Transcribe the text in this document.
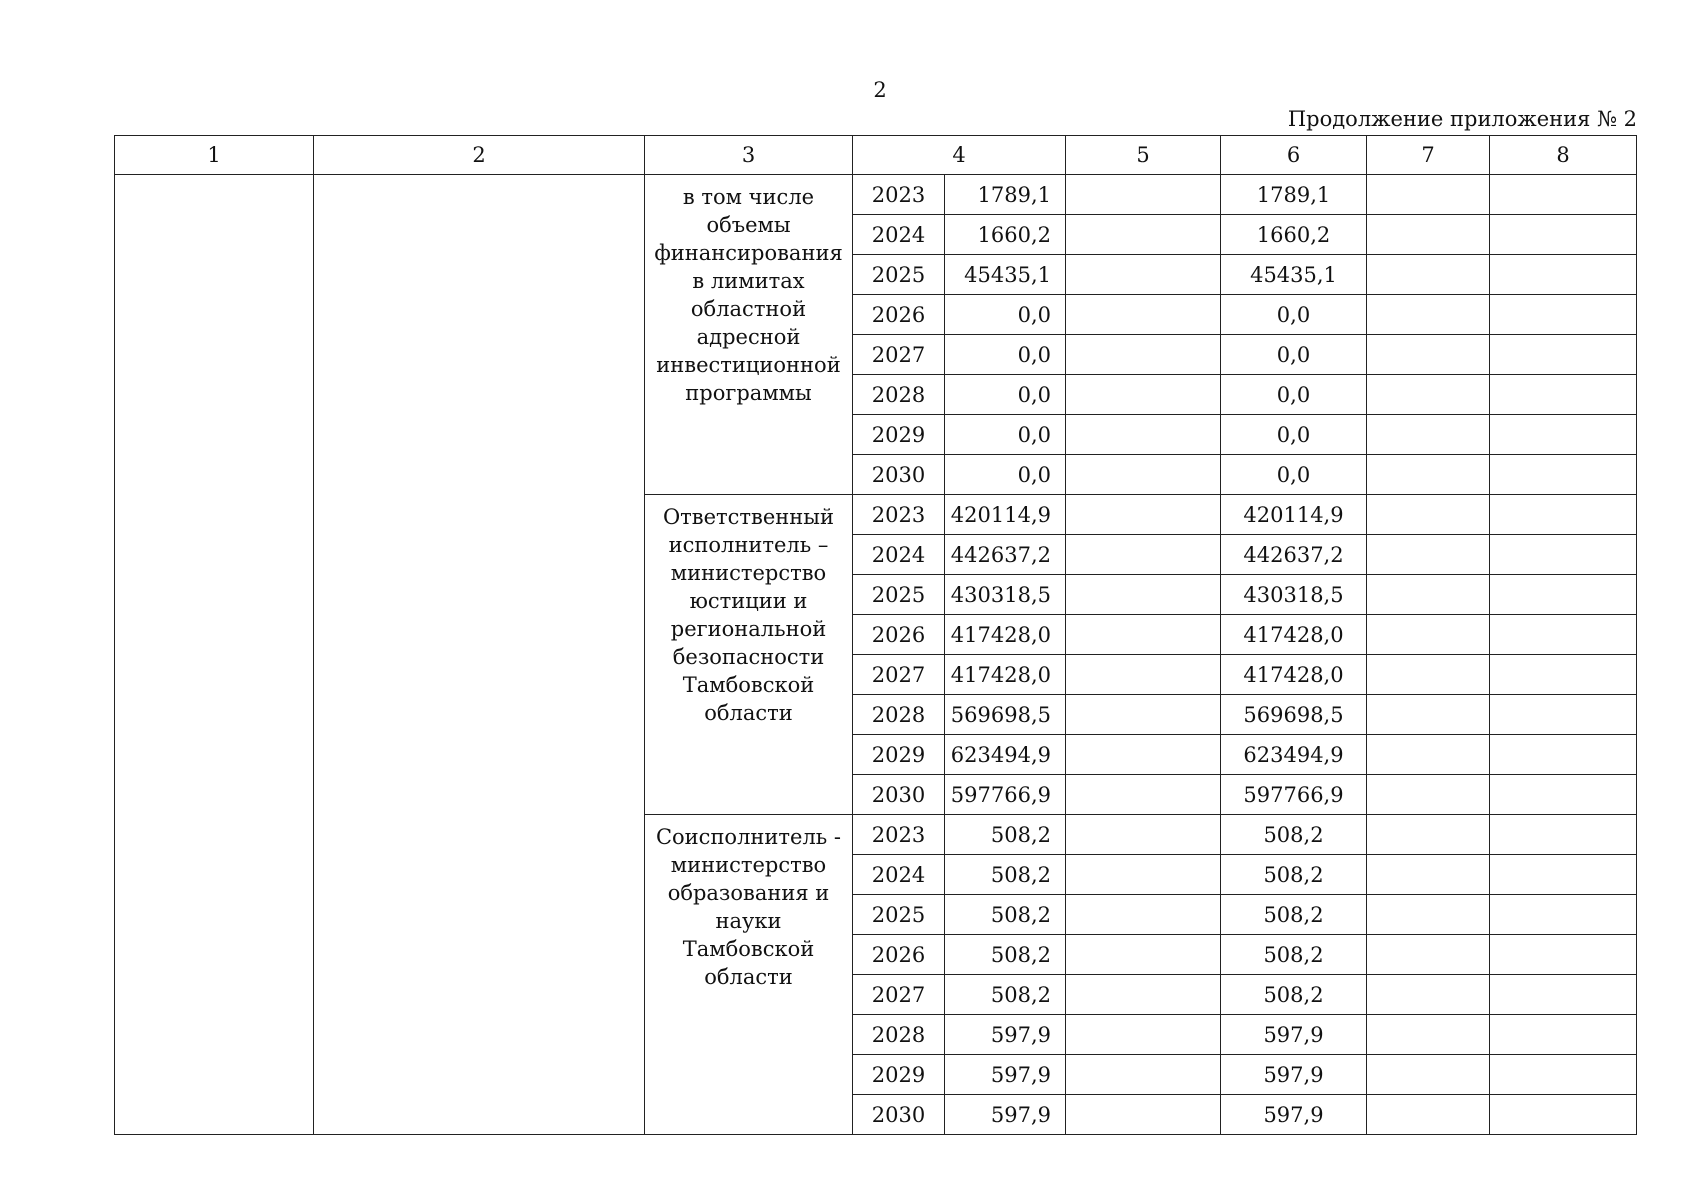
2
Продолжение приложения № 2
1	2	3	4		5	6	7	8
		в том числе объемы финансирования в лимитах областной адресной инвестиционной программы	2023	1789,1		1789,1		
			2024	1660,2		1660,2		
			2025	45435,1		45435,1		
			2026	0,0		0,0		
			2027	0,0		0,0		
			2028	0,0		0,0		
			2029	0,0		0,0		
			2030	0,0		0,0		
		Ответственный исполнитель – министерство юстиции и региональной безопасности Тамбовской области	2023	420114,9		420114,9		
			2024	442637,2		442637,2		
			2025	430318,5		430318,5		
			2026	417428,0		417428,0		
			2027	417428,0		417428,0		
			2028	569698,5		569698,5		
			2029	623494,9		623494,9		
			2030	597766,9		597766,9		
		Соисполнитель - министерство образования и науки Тамбовской области	2023	508,2		508,2		
			2024	508,2		508,2		
			2025	508,2		508,2		
			2026	508,2		508,2		
			2027	508,2		508,2		
			2028	597,9		597,9		
			2029	597,9		597,9		
			2030	597,9		597,9		
